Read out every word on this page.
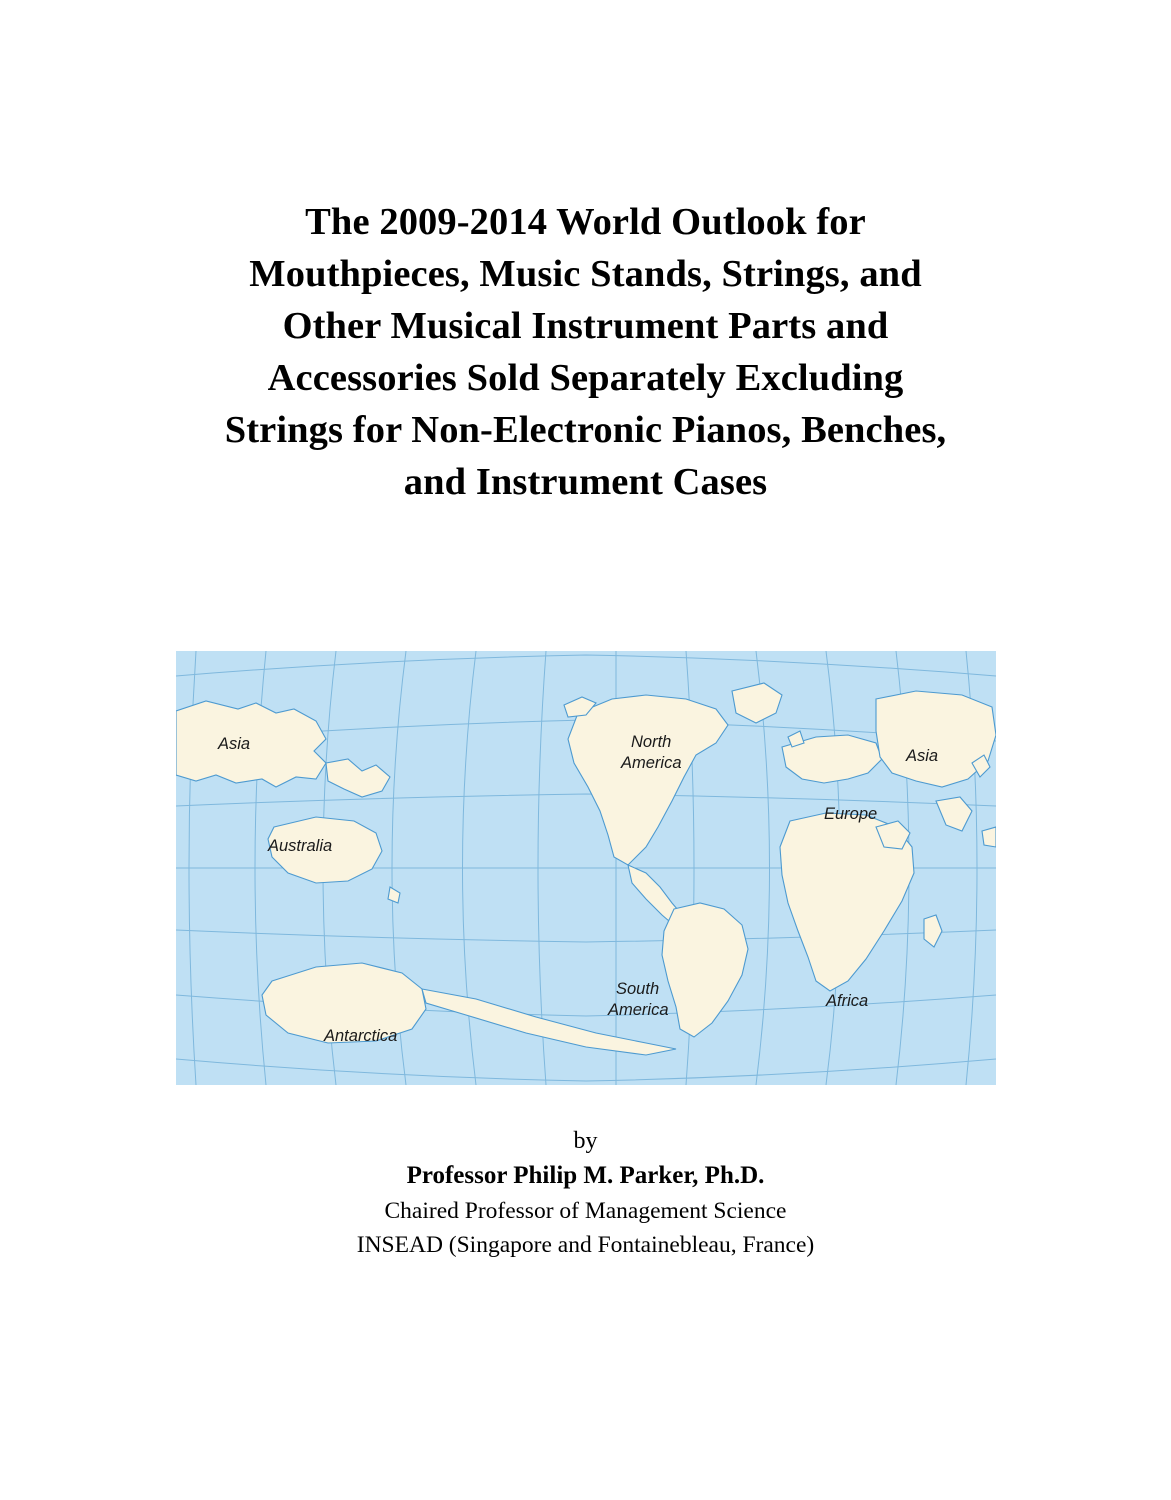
The 2009-2014 World Outlook for
Mouthpieces, Music Stands, Strings, and
Other Musical Instrument Parts and
Accessories Sold Separately Excluding
Strings for Non-Electronic Pianos, Benches,
and Instrument Cases
Asia
Australia
Antarctica
North
America
South
America
Europe
Asia
Africa
by
Professor Philip M. Parker, Ph.D.
Chaired Professor of Management Science
INSEAD (Singapore and Fontainebleau, France)
